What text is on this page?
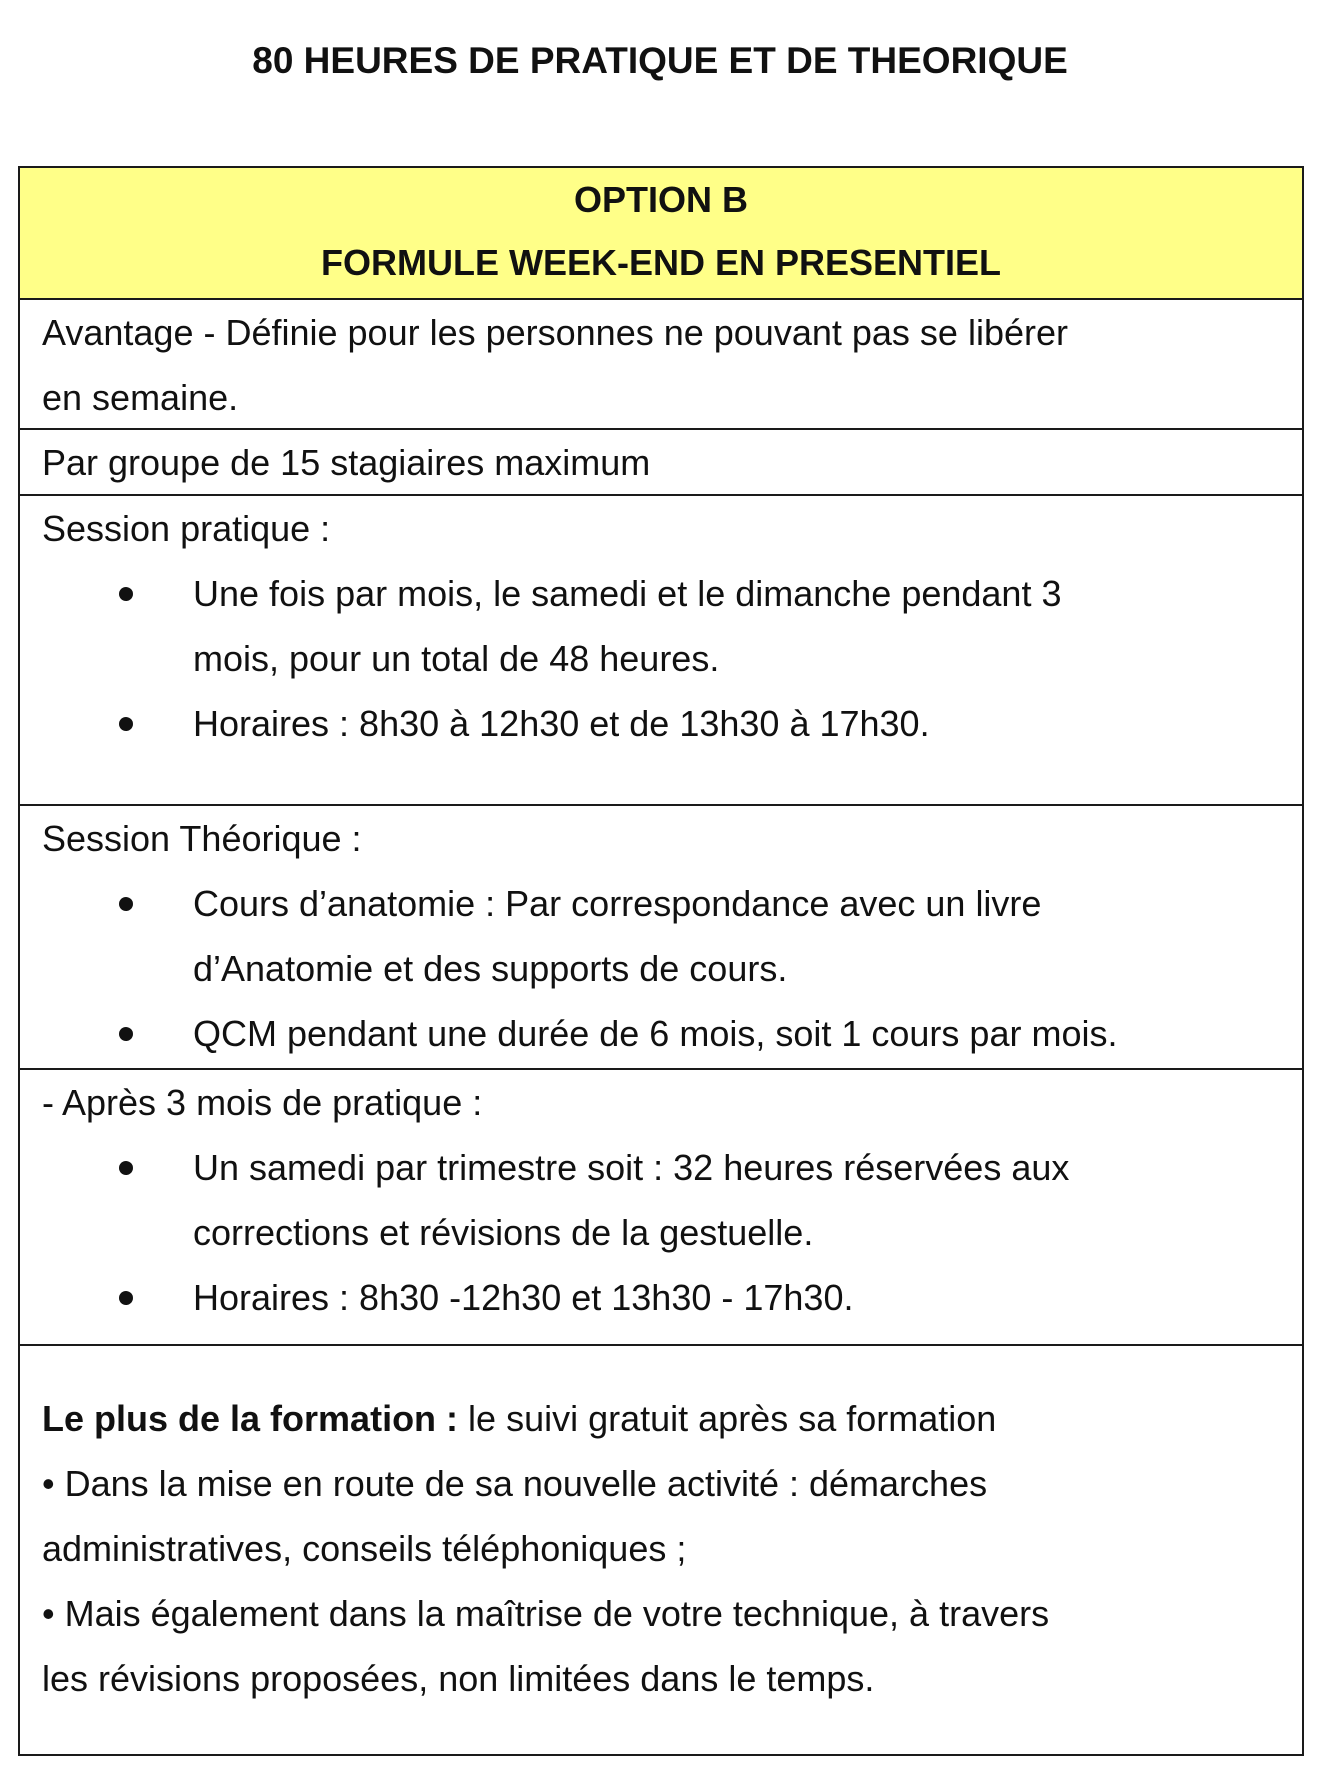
80 HEURES DE PRATIQUE ET DE THEORIQUE
OPTION B
FORMULE WEEK-END EN PRESENTIEL
Avantage - Définie pour les personnes ne pouvant pas se libérer
en semaine.
Par groupe de 15 stagiaires maximum
Session pratique :
Une fois par mois, le samedi et le dimanche pendant 3
mois, pour un total de 48 heures.
Horaires : 8h30 à 12h30 et de 13h30 à 17h30.
Session Théorique :
Cours d’anatomie : Par correspondance avec un livre
d’Anatomie et des supports de cours.
QCM pendant une durée de 6 mois, soit 1 cours par mois.
- Après 3 mois de pratique :
Un samedi par trimestre soit : 32 heures réservées aux
corrections et révisions de la gestuelle.
Horaires : 8h30 -12h30 et 13h30 - 17h30.
Le plus de la formation : le suivi gratuit après sa formation
• Dans la mise en route de sa nouvelle activité : démarches
administratives, conseils téléphoniques ;
• Mais également dans la maîtrise de votre technique, à travers
les révisions proposées, non limitées dans le temps.
